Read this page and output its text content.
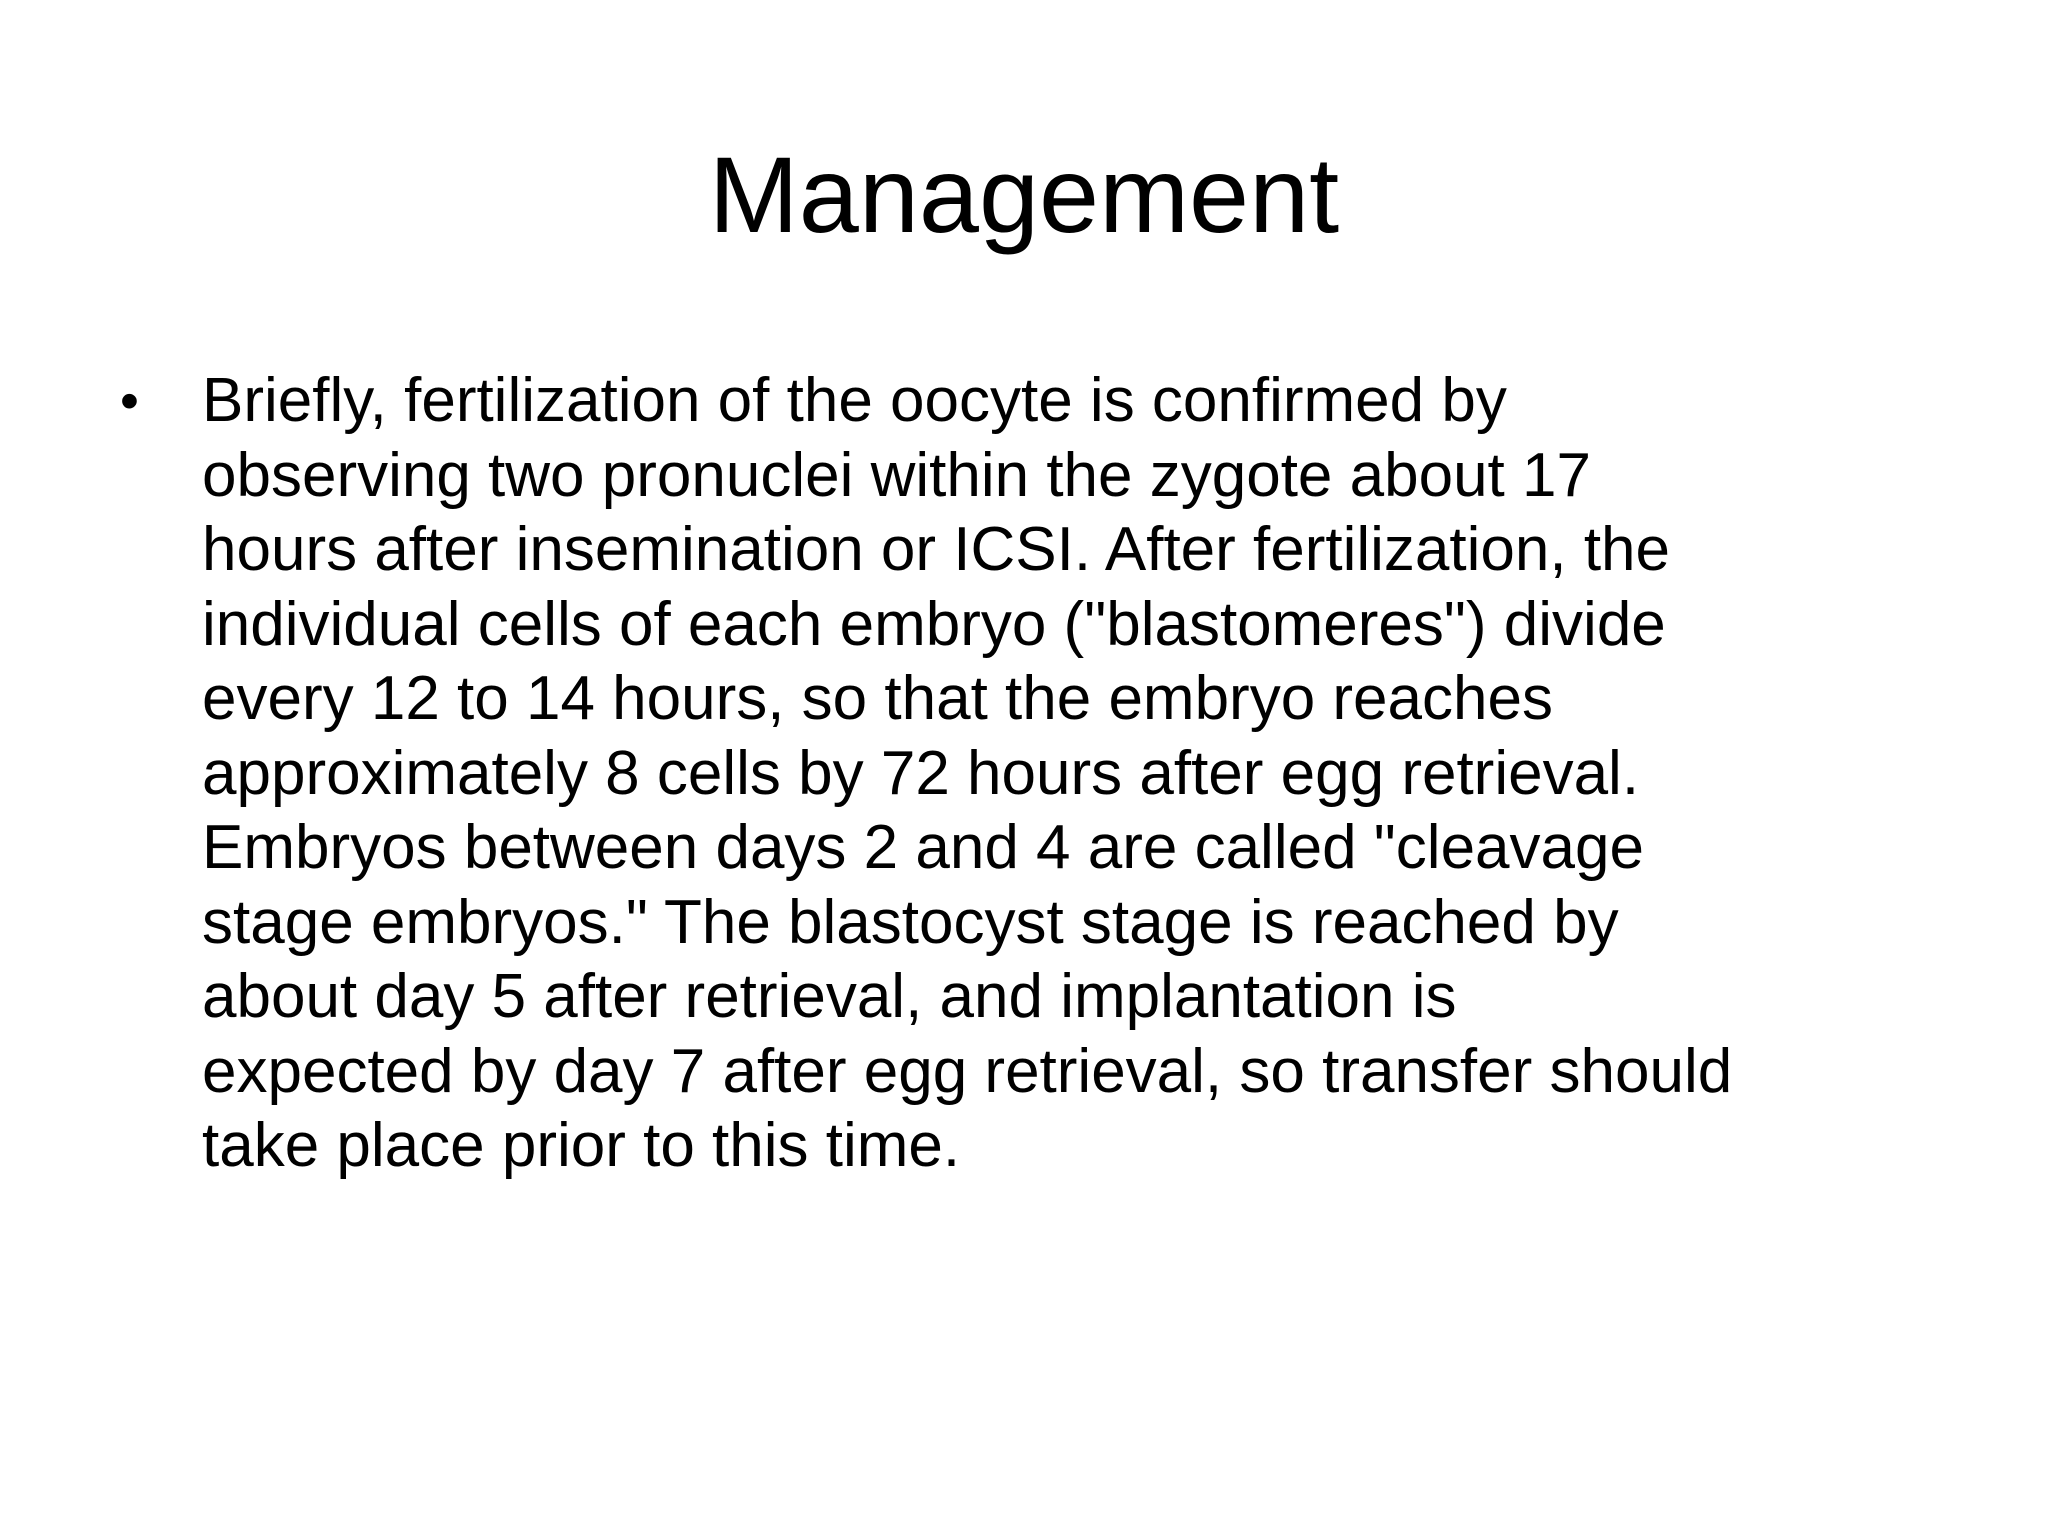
Management
•	Briefly, fertilization of the oocyte is confirmed by
observing two pronuclei within the zygote about 17
hours after insemination or ICSI. After fertilization, the
individual cells of each embryo ("blastomeres") divide
every 12 to 14 hours, so that the embryo reaches
approximately 8 cells by 72 hours after egg retrieval.
Embryos between days 2 and 4 are called "cleavage
stage embryos." The blastocyst stage is reached by
about day 5 after retrieval, and implantation is
expected by day 7 after egg retrieval, so transfer should
take place prior to this time.
